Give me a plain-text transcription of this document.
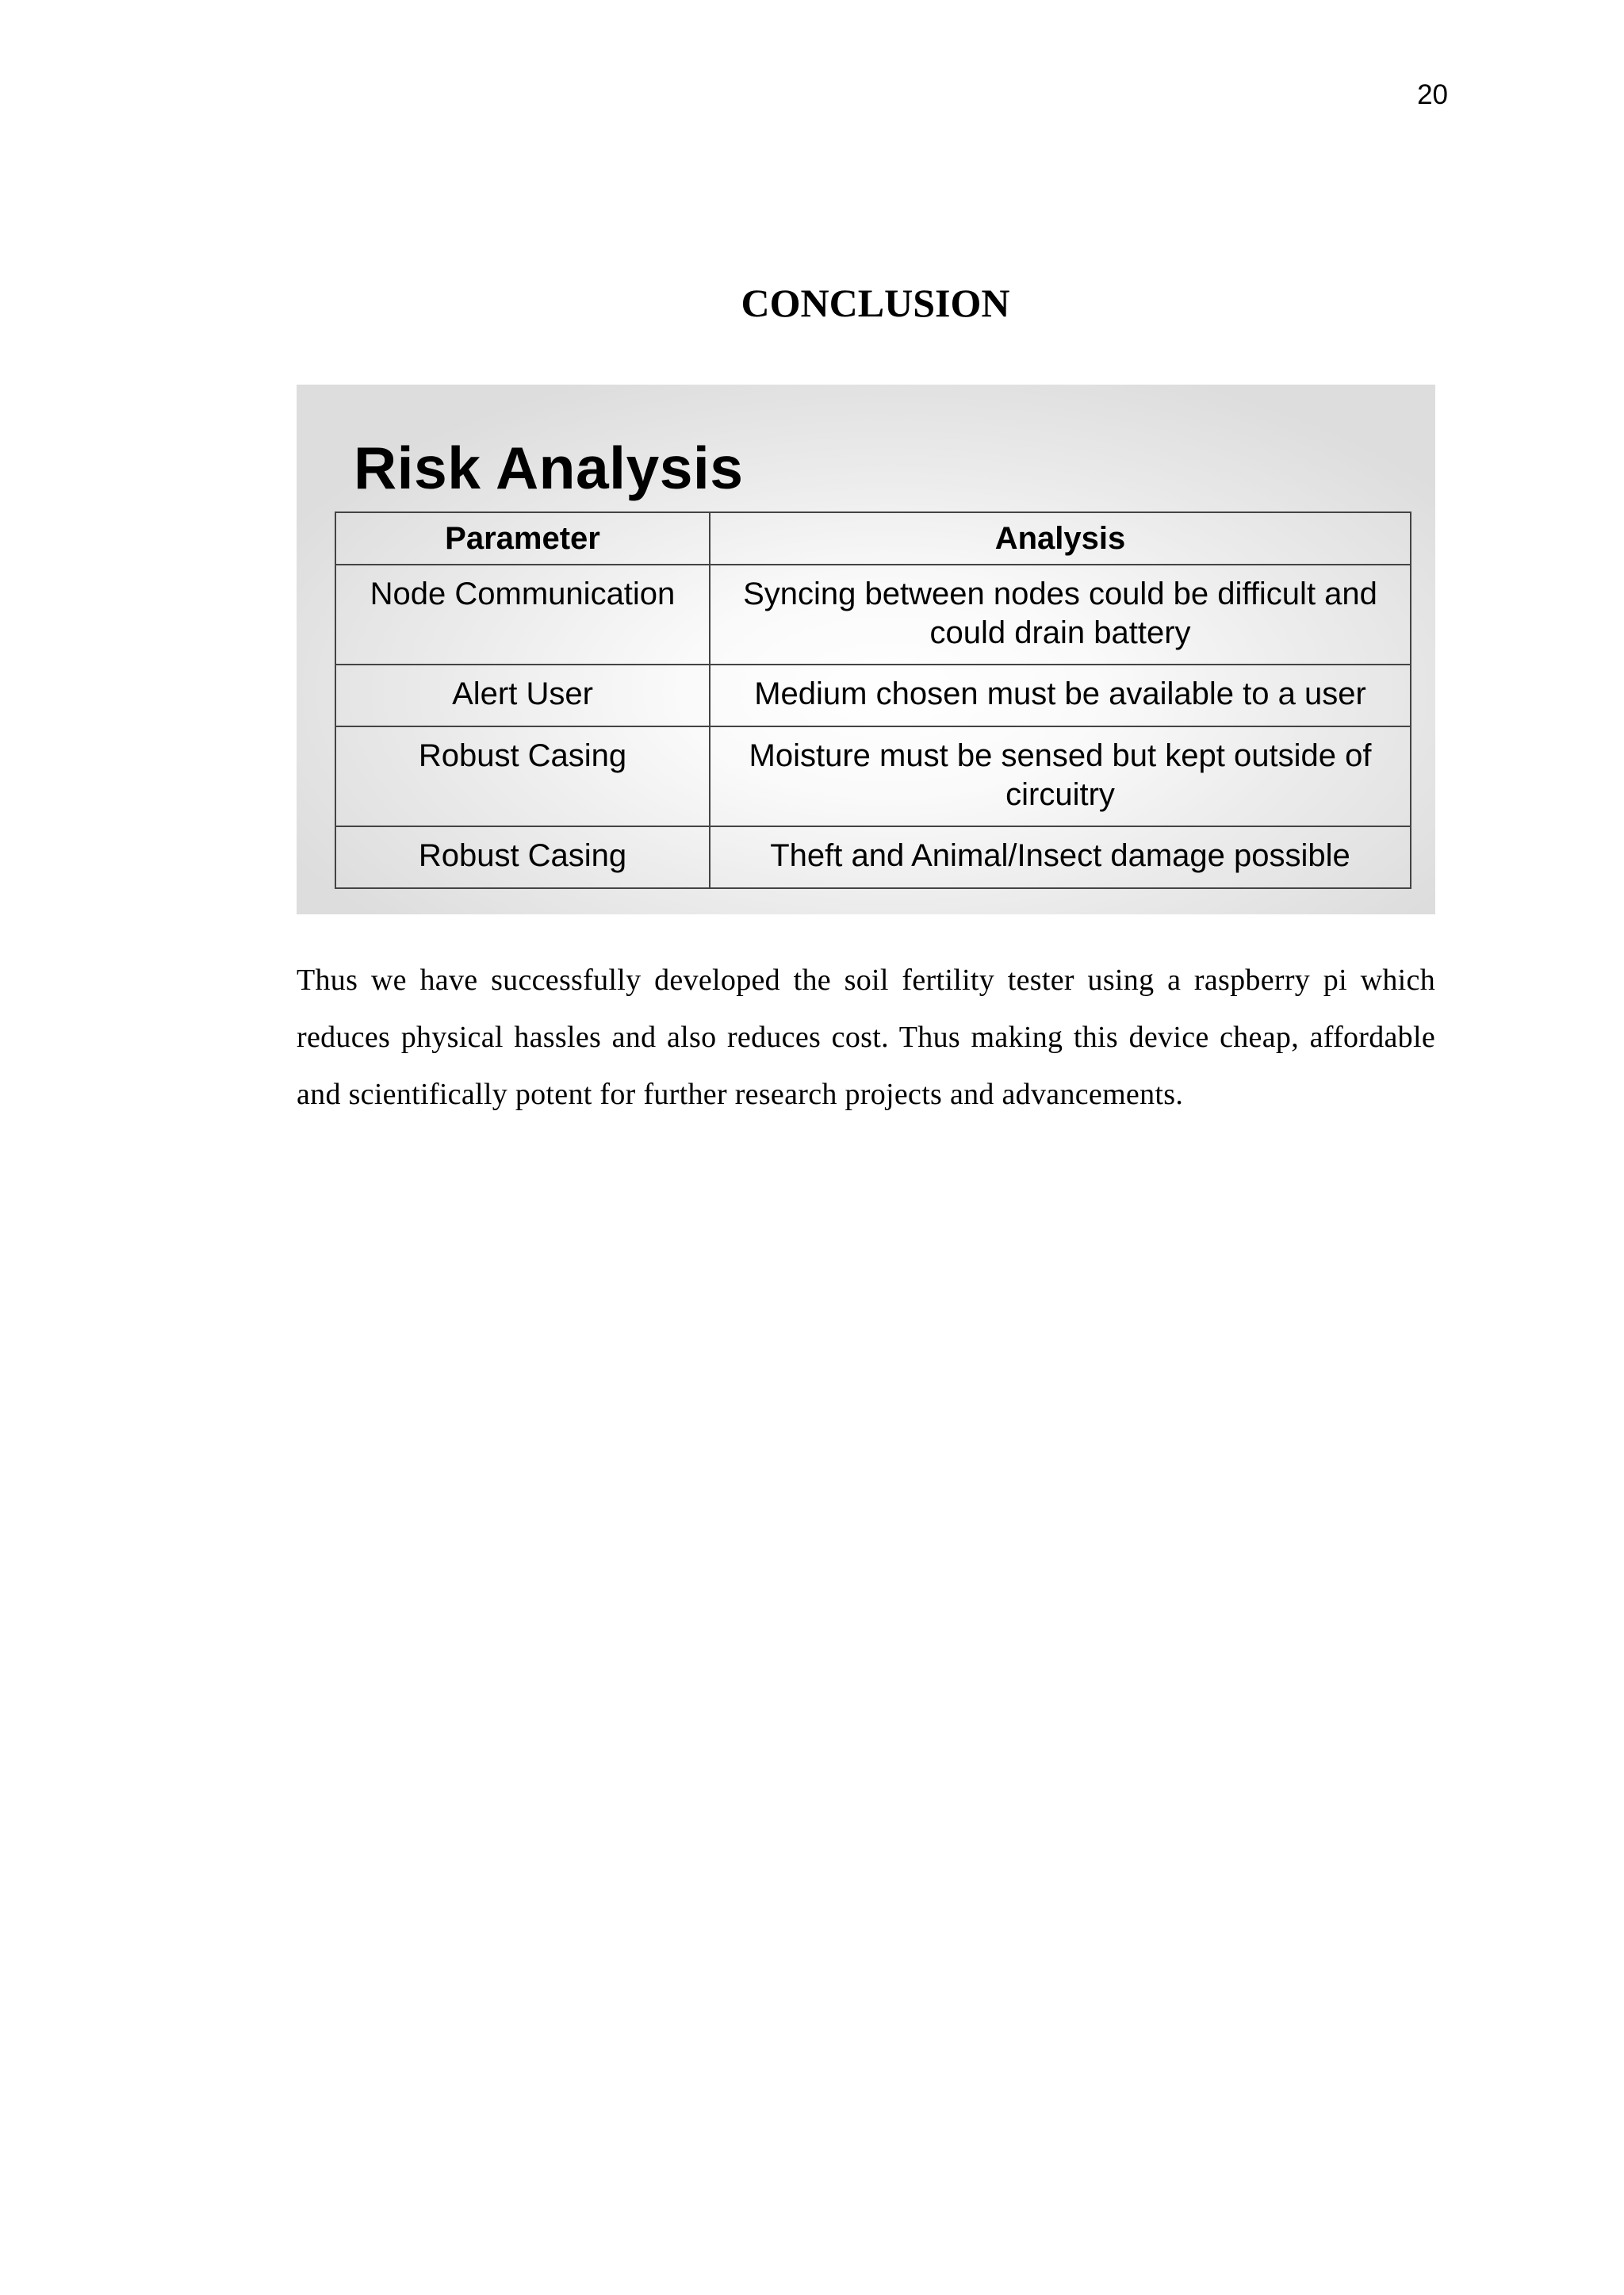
20
CONCLUSION
Risk Analysis
Parameter	Analysis
Node Communication	Syncing between nodes could be difficult and could drain battery
Alert User	Medium chosen must be available to a user
Robust Casing	Moisture must be sensed but kept outside of circuitry
Robust Casing	Theft and Animal/Insect damage possible
Thus we have successfully developed the soil fertility tester using a raspberry pi which reduces physical hassles and also reduces cost. Thus making this device cheap, affordable and scientifically potent for further research projects and advancements.
